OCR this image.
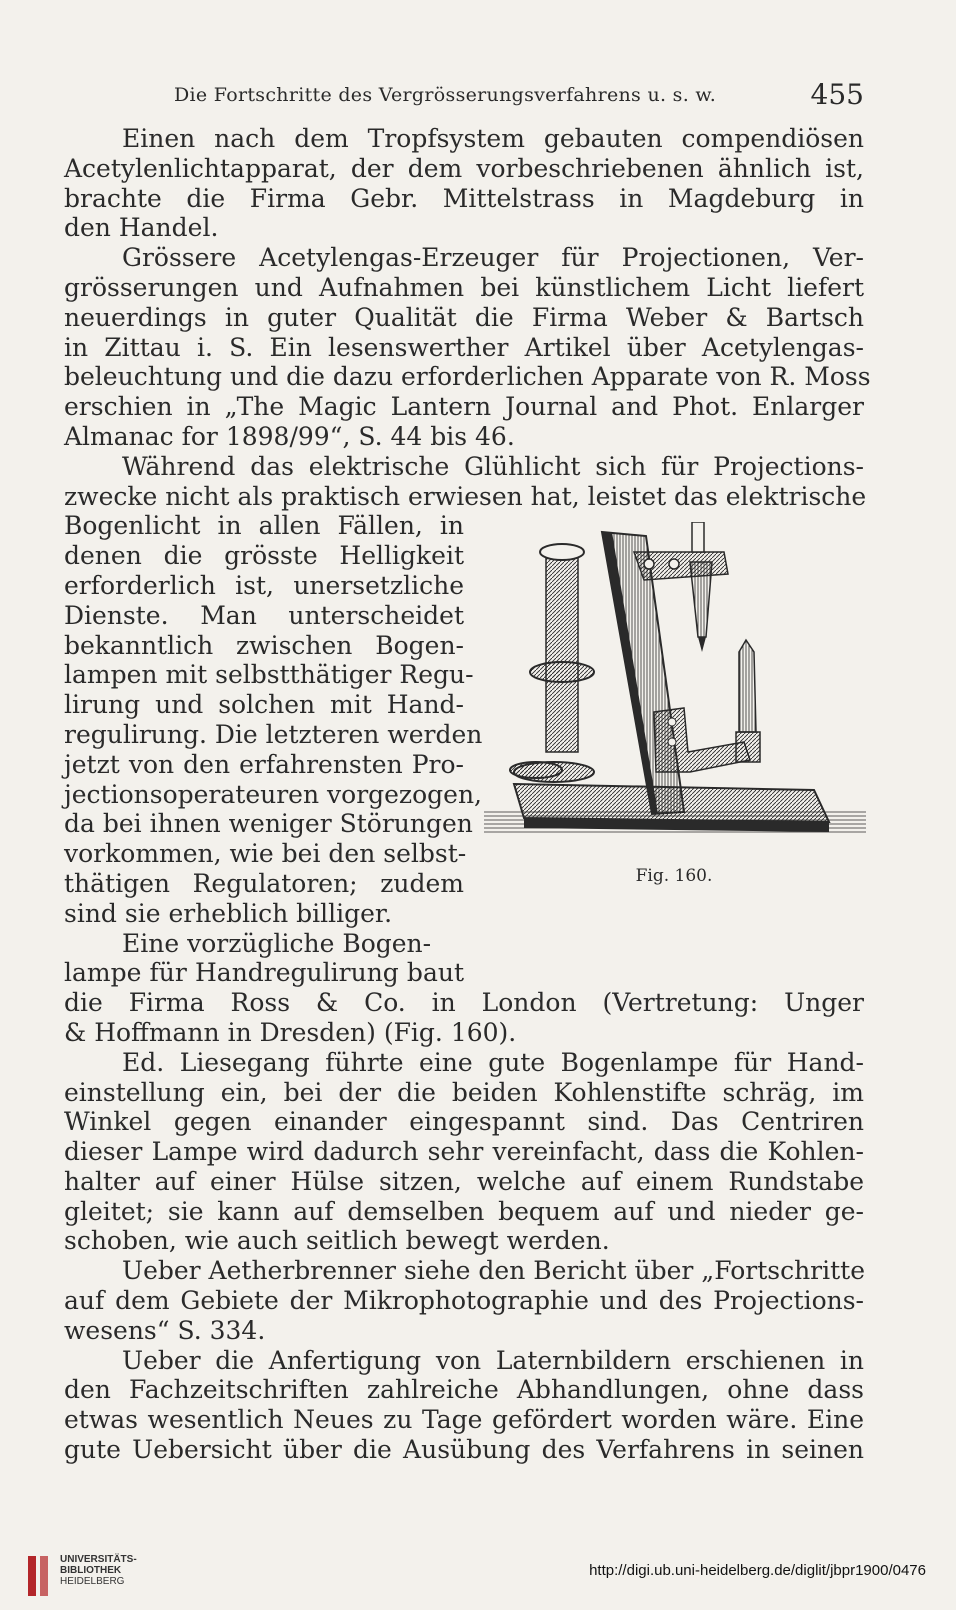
Die Fortschritte des Vergrösserungsverfahrens u. s. w.	455

Einen nach dem Tropfsystem gebauten compendiösen
Acetylenlichtapparat, der dem vorbeschriebenen ähnlich ist,
brachte die Firma Gebr. Mittelstrass in Magdeburg in
den Handel.

Grössere Acetylengas-Erzeuger für Projectionen, Ver-
grösserungen und Aufnahmen bei künstlichem Licht liefert
neuerdings in guter Qualität die Firma Weber & Bartsch
in Zittau i. S. Ein lesenswerther Artikel über Acetylengas-
beleuchtung und die dazu erforderlichen Apparate von R. Moss
erschien in „The Magic Lantern Journal and Phot. Enlarger
Almanac for 1898/99“, S. 44 bis 46.

Während das elektrische Glühlicht sich für Projections-
zwecke nicht als praktisch erwiesen hat, leistet das elektrische
Bogenlicht in allen Fällen, in
denen die grösste Helligkeit
erforderlich ist, unersetzliche
Dienste. Man unterscheidet
bekanntlich zwischen Bogen-
lampen mit selbstthätiger Regu-
lirung und solchen mit Hand-
regulirung. Die letzteren werden
jetzt von den erfahrensten Pro-
jectionsoperateuren vorgezogen,
da bei ihnen weniger Störungen
vorkommen, wie bei den selbst-
thätigen Regulatoren; zudem
sind sie erheblich billiger.

Eine vorzügliche Bogen-
lampe für Handregulirung baut
die Firma Ross & Co. in London (Vertretung: Unger
& Hoffmann in Dresden) (Fig. 160).

Ed. Liesegang führte eine gute Bogenlampe für Hand-
einstellung ein, bei der die beiden Kohlenstifte schräg, im
Winkel gegen einander eingespannt sind. Das Centriren
dieser Lampe wird dadurch sehr vereinfacht, dass die Kohlen-
halter auf einer Hülse sitzen, welche auf einem Rundstabe
gleitet; sie kann auf demselben bequem auf und nieder ge-
schoben, wie auch seitlich bewegt werden.

Ueber Aetherbrenner siehe den Bericht über „Fortschritte
auf dem Gebiete der Mikrophotographie und des Projections-
wesens“ S. 334.

Ueber die Anfertigung von Laternbildern erschienen in
den Fachzeitschriften zahlreiche Abhandlungen, ohne dass
etwas wesentlich Neues zu Tage gefördert worden wäre. Eine
gute Uebersicht über die Ausübung des Verfahrens in seinen

Fig. 160.
UNIVERSITÄTS-
BIBLIOTHEK
HEIDELBERG
http://digi.ub.uni-heidelberg.de/diglit/jbpr1900/0476
